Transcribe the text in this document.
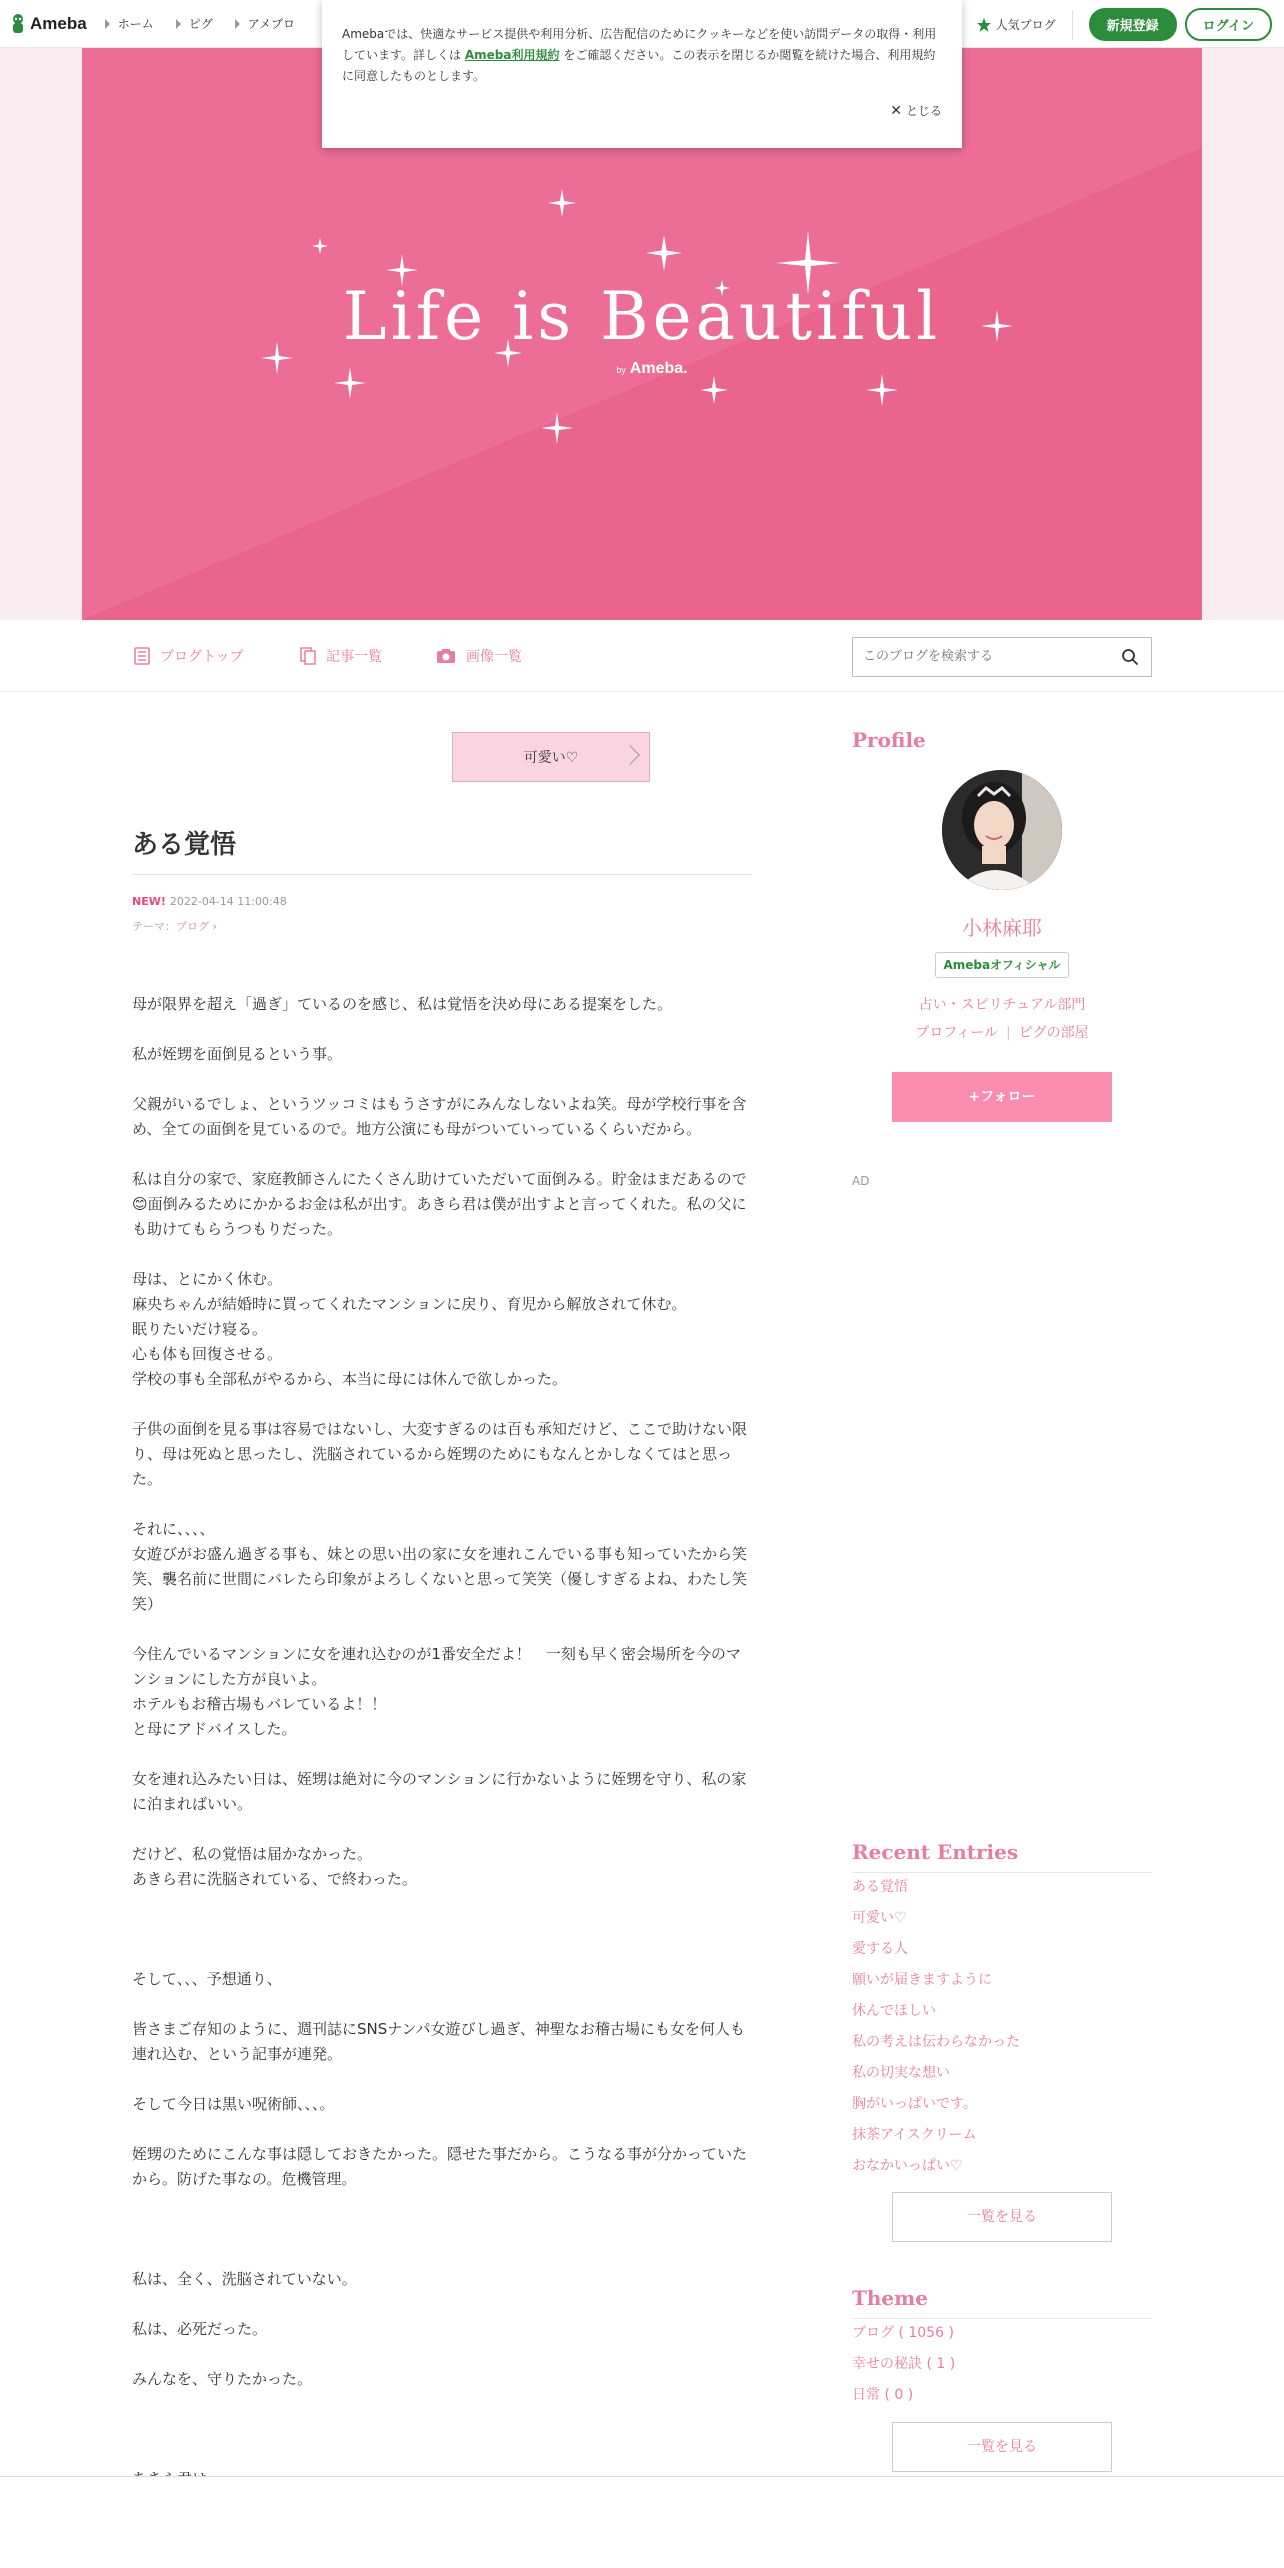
Ameba	ホーム	ピグ	アメブロ	人気ブログ	新規登録	ログイン
Amebaでは、快適なサービス提供や利用分析、広告配信のためにクッキーなどを使い訪問データの取得・利用しています。詳しくは Ameba利用規約 をご確認ください。この表示を閉じるか閲覧を続けた場合、利用規約に同意したものとします。
✕ とじる
Life is Beautiful
by Ameba.
ブログトップ	記事一覧	画像一覧
このブログを検索する
可愛い♡
ある覚悟
NEW! 2022-04-14 11:00:48
テーマ：ブログ ›

母が限界を超え「過ぎ」ているのを感じ、私は覚悟を決め母にある提案をした。

私が姪甥を面倒見るという事。

父親がいるでしょ、というツッコミはもうさすがにみんなしないよね笑。母が学校行事を含め、全ての面倒を見ているので。地方公演にも母がついていっているくらいだから。

私は自分の家で、家庭教師さんにたくさん助けていただいて面倒みる。貯金はまだあるので😊面倒みるためにかかるお金は私が出す。あきら君は僕が出すよと言ってくれた。私の父にも助けてもらうつもりだった。

母は、とにかく休む。

麻央ちゃんが結婚時に買ってくれたマンションに戻り、育児から解放されて休む。

眠りたいだけ寝る。

心も体も回復させる。

学校の事も全部私がやるから、本当に母には休んで欲しかった。

子供の面倒を見る事は容易ではないし、大変すぎるのは百も承知だけど、ここで助けない限り、母は死ぬと思ったし、洗脳されているから姪甥のためにもなんとかしなくてはと思った。

それに、、、、

女遊びがお盛ん過ぎる事も、妹との思い出の家に女を連れこんでいる事も知っていたから笑笑、襲名前に世間にバレたら印象がよろしくないと思って笑笑（優しすぎるよね、わたし笑笑）

今住んでいるマンションに女を連れ込むのが1番安全だよ！　一刻も早く密会場所を今のマンションにした方が良いよ。

ホテルもお稽古場もバレているよ！！

と母にアドバイスした。

女を連れ込みたい日は、姪甥は絶対に今のマンションに行かないように姪甥を守り、私の家に泊まればいい。

だけど、私の覚悟は届かなかった。

あきら君に洗脳されている、で終わった。

そして、、、予想通り、

皆さまご存知のように、週刊誌にSNSナンパ女遊びし過ぎ、神聖なお稽古場にも女を何人も連れ込む、という記事が連発。

そして今日は黒い呪術師、、、。

姪甥のためにこんな事は隠しておきたかった。隠せた事だから。こうなる事が分かっていたから。防げた事なの。危機管理。

私は、全く、洗脳されていない。

私は、必死だった。

みんなを、守りたかった。

Profile
小林麻耶
Amebaオフィシャル
占い・スピリチュアル部門
プロフィール | ピグの部屋
+フォロー
AD
Recent Entries
ある覚悟
可愛い♡
愛する人
願いが届きますように
休んでほしい
私の考えは伝わらなかった
私の切実な想い
胸がいっぱいです。
抹茶アイスクリーム
おなかいっぱい♡
一覧を見る
Theme
ブログ ( 1056 )
幸せの秘訣 ( 1 )
日常 ( 0 )
一覧を見る
